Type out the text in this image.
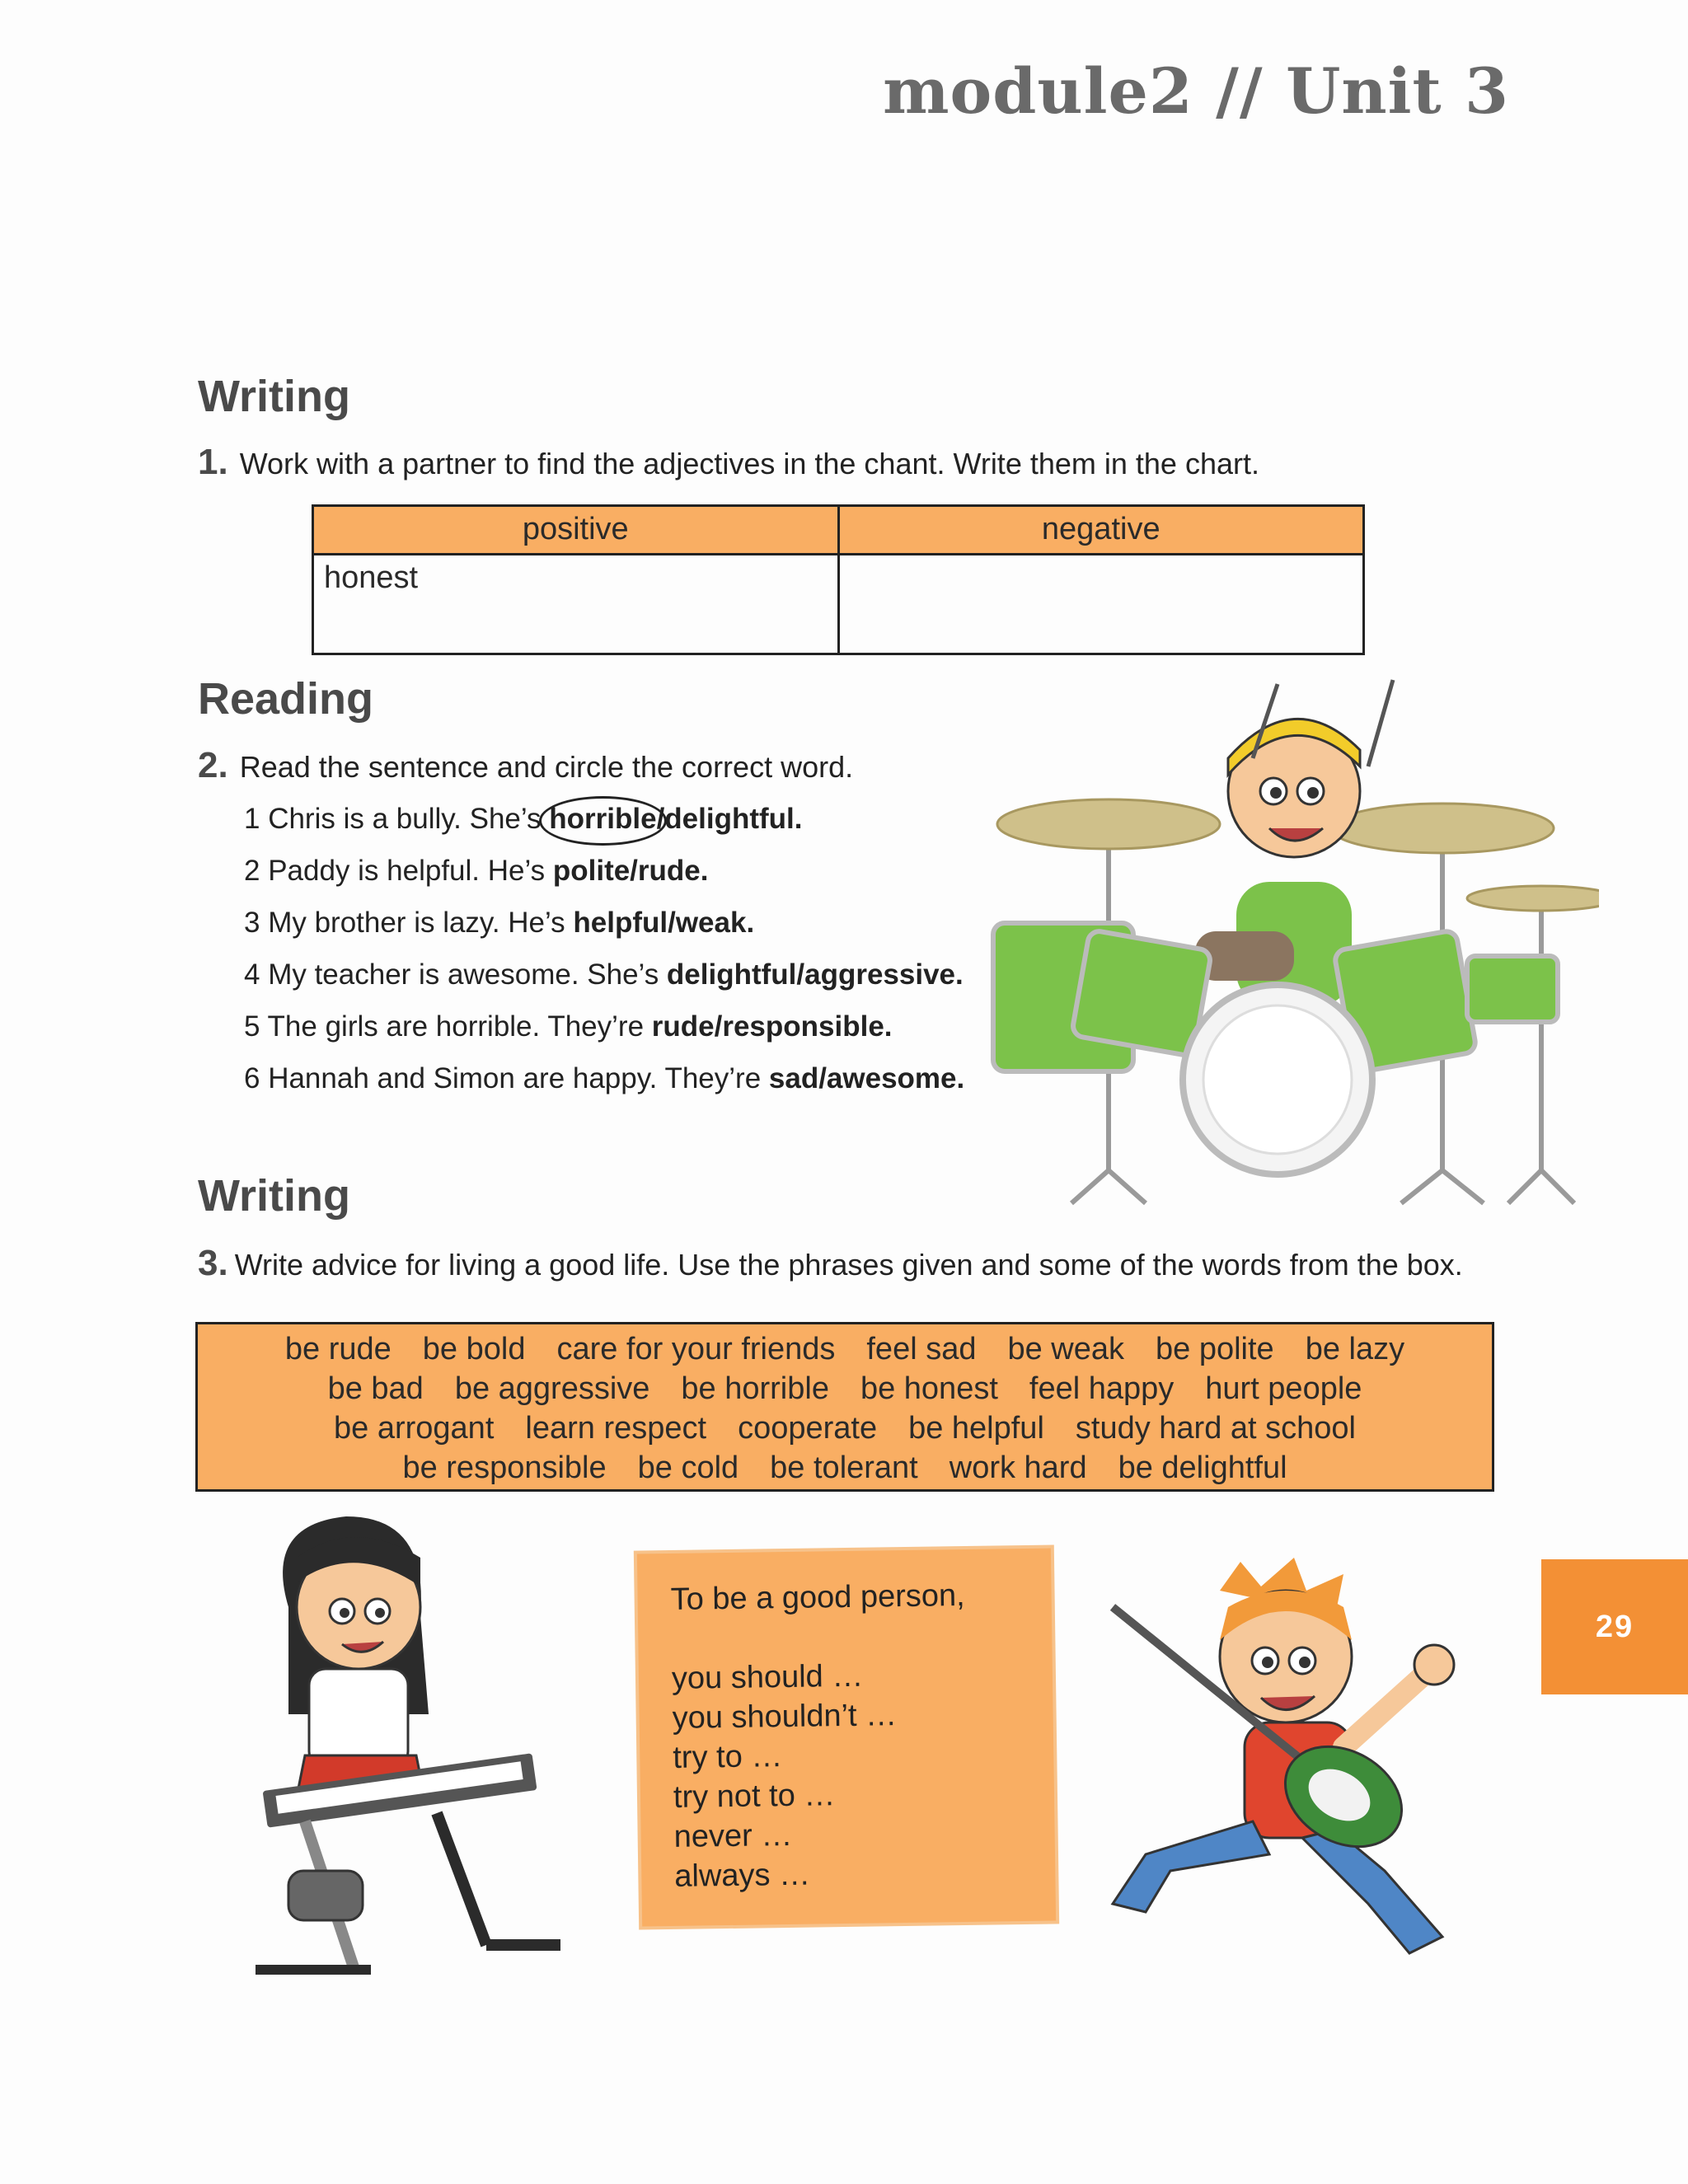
module2 // Unit 3
Writing
1. Work with a partner to find the adjectives in the chant. Write them in the chart.
positive	negative
honest	
Reading
2. Read the sentence and circle the correct word.
1 Chris is a bully. She’s horrible/delightful.
2 Paddy is helpful. He’s polite/rude.
3 My brother is lazy. He’s helpful/weak.
4 My teacher is awesome. She’s delightful/aggressive.
5 The girls are horrible. They’re rude/responsible.
6 Hannah and Simon are happy. They’re sad/awesome.
Writing
3. Write advice for living a good life. Use the phrases given and some of the words from the box.
be rude be bold care for your friends feel sad be weak be polite be lazy
be bad be aggressive be horrible be honest feel happy hurt people
be arrogant learn respect cooperate be helpful study hard at school
be responsible be cold be tolerant work hard be delightful
To be a good person,
you should …
you shouldn’t …
try to …
try not to …
never …
always …
29
